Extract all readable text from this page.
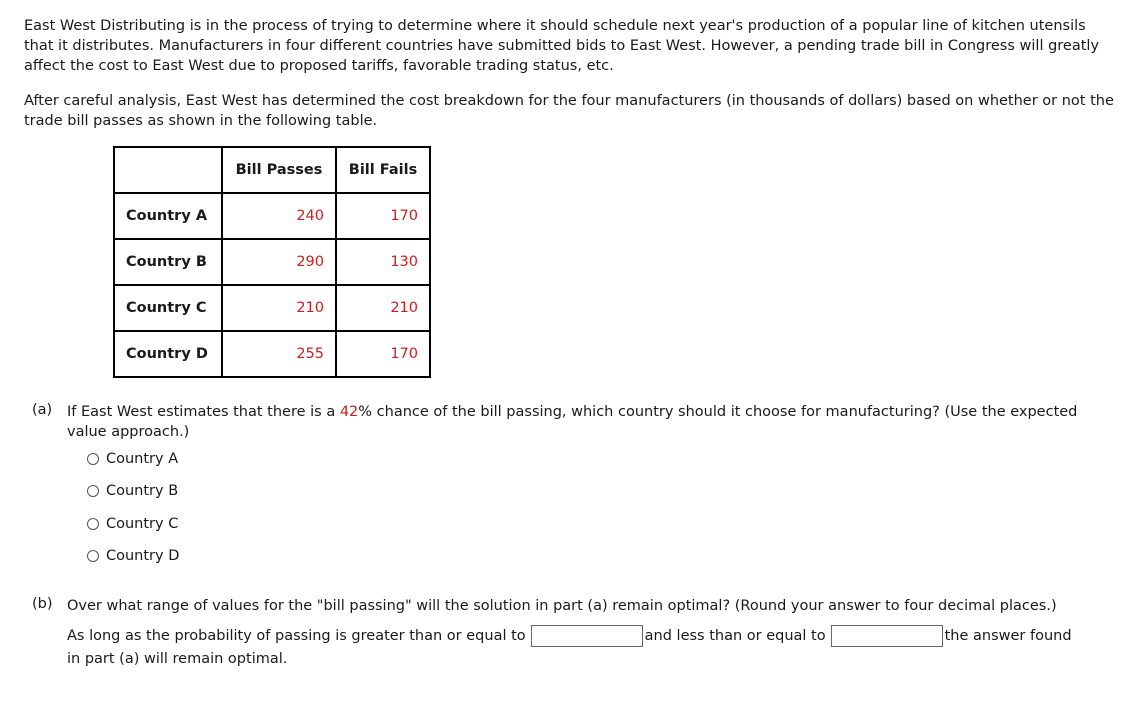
East West Distributing is in the process of trying to determine where it should schedule next year's production of a popular line of kitchen utensils that it distributes. Manufacturers in four different countries have submitted bids to East West. However, a pending trade bill in Congress will greatly affect the cost to East West due to proposed tariffs, favorable trading status, etc.

After careful analysis, East West has determined the cost breakdown for the four manufacturers (in thousands of dollars) based on whether or not the trade bill passes as shown in the following table.

	Bill Passes	Bill Fails
Country A	240	170
Country B	290	130
Country C	210	210
Country D	255	170
(a) If East West estimates that there is a 42% chance of the bill passing, which country should it choose for manufacturing? (Use the expected value approach.)
Country A
Country B
Country C
Country D
(b) Over what range of values for the "bill passing" will the solution in part (a) remain optimal? (Round your answer to four decimal places.)
As long as the probability of passing is greater than or equal to	and less than or equal to	the answer found
in part (a) will remain optimal.
